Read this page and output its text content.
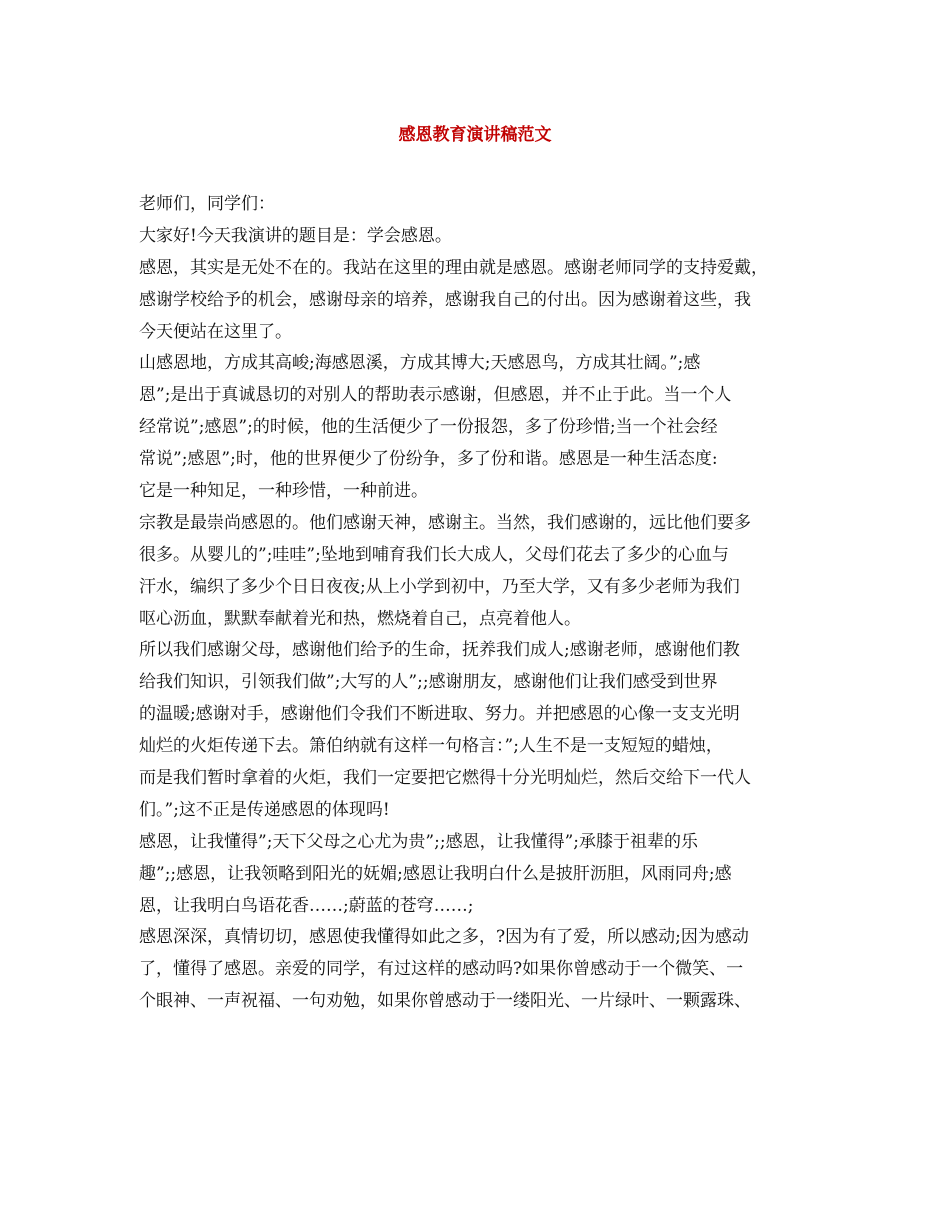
感恩教育演讲稿范文
老师们，同学们：
大家好!今天我演讲的题目是：学会感恩。
感恩，其实是无处不在的。我站在这里的理由就是感恩。感谢老师同学的支持爱戴，
感谢学校给予的机会，感谢母亲的培养，感谢我自己的付出。因为感谢着这些，我
今天便站在这里了。
山感恩地，方成其高峻;海感恩溪，方成其博大;天感恩鸟，方成其壮阔。”;感
恩”;是出于真诚恳切的对别人的帮助表示感谢，但感恩，并不止于此。当一个人
经常说”;感恩”;的时候，他的生活便少了一份报怨，多了份珍惜;当一个社会经
常说”;感恩”;时，他的世界便少了份纷争，多了份和谐。感恩是一种生活态度:
它是一种知足，一种珍惜，一种前进。
宗教是最崇尚感恩的。他们感谢天神，感谢主。当然，我们感谢的，远比他们要多
很多。从婴儿的”;哇哇”;坠地到哺育我们长大成人，父母们花去了多少的心血与
汗水，编织了多少个日日夜夜;从上小学到初中，乃至大学，又有多少老师为我们
呕心沥血，默默奉献着光和热，燃烧着自己，点亮着他人。
所以我们感谢父母，感谢他们给予的生命，抚养我们成人;感谢老师，感谢他们教
给我们知识，引领我们做”;大写的人”;;感谢朋友，感谢他们让我们感受到世界
的温暖;感谢对手，感谢他们令我们不断进取、努力。并把感恩的心像一支支光明
灿烂的火炬传递下去。箫伯纳就有这样一句格言：”;人生不是一支短短的蜡烛，
而是我们暂时拿着的火炬，我们一定要把它燃得十分光明灿烂，然后交给下一代人
们。”;这不正是传递感恩的体现吗!
感恩，让我懂得”;天下父母之心尤为贵”;;感恩，让我懂得”;承膝于祖辈的乐
趣”;;感恩，让我领略到阳光的妩媚;感恩让我明白什么是披肝沥胆，风雨同舟;感
恩，让我明白鸟语花香……;蔚蓝的苍穹……;
感恩深深，真情切切，感恩使我懂得如此之多，?因为有了爱，所以感动;因为感动
了，懂得了感恩。亲爱的同学，有过这样的感动吗?如果你曾感动于一个微笑、一
个眼神、一声祝福、一句劝勉，如果你曾感动于一缕阳光、一片绿叶、一颗露珠、
